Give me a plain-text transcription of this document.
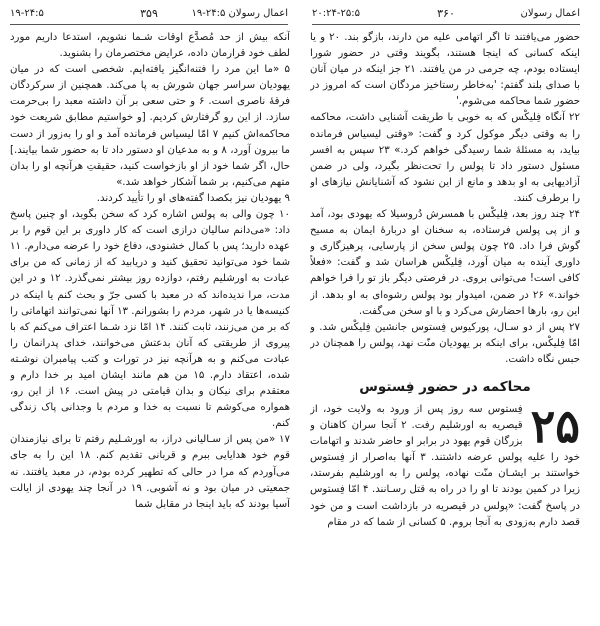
اعمال رسولان
۳۶۰
۲۰:۲۴-۲۵:۵
اعمال رسولان ۲۴:۵-۱۹
۳۵۹
۱۹-۲۴:۵

حضور می‌یافتند تا اگر اتهامی علیه من دارند، بازگو بند. ۲۰ و یا اینکه کسانی که اینجا هستند، بگویند وقتی در حضور شورا ایستاده بودم، چه جرمی در من یافتند. ۲۱ جز اینکه در میان آنان با صدای بلند گفتم: 'به‌خاطر رستاخیز مردگان است که امروز در حضور شما محاکمه می‌شوم.'

۲۲ آنگاه فِلیکْس که به خوبی با طریقت آشنایی داشت، محاکمه را به وقتی دیگر موکول کرد و گفت: «وقتی لیسیاس فرمانده بیاید، به مسئلهٔ شما رسیدگی خواهم کرد.» ۲۳ سپس به افسر مسئول دستور داد تا پولس را تحت‌نظر بگیرد، ولی در ضمن آزادیهایی به او بدهد و مانع از این نشود که آشنایانش نیازهای او را برطرف کنند.

۲۴ چند روز بعد، فِلیکْس با همسرش دُروسیلا که یهودی بود، آمد و از پی پولس فرستاده، به سخنان او دربارهٔ ایمان به مسیح گوش فرا داد. ۲۵ چون پولس سخن از پارسایی، پرهیزگاری و داوری آینده به میان آورد، فِلیکْس هراسان شد و گفت: «فعلاً کافی است! می‌توانی بروی. در فرصتی دیگر باز تو را فرا خواهم خواند.» ۲۶ در ضمن، امیدوار بود پولس رشوه‌ای به او بدهد. از این رو، بارها احضارش می‌کرد و با او سخن می‌گفت.

۲۷ پس از دو سـال، پورکیوس فِستوس جانشین فِلیکْس شد. و امّا فِلیکْس، برای اینکه بر یهودیان منّت نهد، پولس را همچنان در حبس نگاه داشت.

محاکمه در حضور فِستوس
۲۵

فِستوس سه روز پس از ورود به ولایت خود، از قیصریه به اورشلیم رفت. ۲ آنجا سران کاهنان و بزرگان قوم یهود در برابر او حاضر شدند و اتهامات خود را علیه پولس عرضه داشتند. ۳ آنها به‌اصرار از فِستوس خواستند بر ایشـان منّت نهاده، پولس را به اورشلیم بفرستد، زیرا در کمین بودند تا او را در راه به قتل رسـانند. ۴ امّا فِستوس در پاسخ گفت: «پولس در قیصریه در بازداشت است و من خود قصد دارم به‌زودی به آنجا بروم. ۵ کسانی از شما که در مقام

آنکه بیش از حد مُصدَّع اوقات شـما نشویم، استدعا داریم مورد لطف خود قرارمان داده، عرایض مختصرمان را بشنوید.

۵ «ما این مرد را فتنه‌انگیز یافته‌ایم. شخصی است که در میان یهودیان سراسر جهان شورش به پا می‌کند. همچنین از سرکردگان فرقهٔ ناصری است. ۶ و حتی سعی بر آن داشته معبد را بی‌حرمت سازد. از این رو گرفتارش کردیم. [و خواستیم مطابق شریعت خود محاکمه‌اش کنیم ۷ امّا لیسیاس فرمانده آمد و او را به‌زور از دست ما بیرون آورد، ۸ و به مدعیان او دستور داد تا به حضور شما بیایند.] حال، اگر شما خود از او بازخواست کنید، حقیقتِ هرآنچه او را بدان متهم می‌کنیم، بر شما آشکار خواهد شد.»

۹ یهودیان نیز بکصدا گفته‌های او را تأیید کردند.

۱۰ چون والی به پولس اشاره کرد که سخن بگوید، او چنین پاسخ داد: «می‌دانم سالیان درازی است که کار داوری بر این قوم را بر عهده دارید؛ پس با کمال خشنودی، دفاع خود را عرضه می‌دارم. ۱۱ شما خود می‌توانید تحقیق کنید و دریابید که از زمانی که من برای عبادت به اورشلیم رفتم، دوازده روز بیشتر نمی‌گذرد. ۱۲ و در این مدت، مرا ندیده‌اند که در معبد با کسی جرّ و بحث کنم یا اینکه در کنیسه‌ها یا در شهر، مردم را بشورانم. ۱۳ آنها نمی‌توانند اتهاماتی را که بر من می‌زنند، ثابت کنند. ۱۴ امّا نزد شـما اعتراف می‌کنم که با پیروی از طریقتی که آنان بدعتش می‌خوانند، خدای پدرانمان را عبادت می‌کنم و به هرآنچه نیز در تورات و کتب پیامبران نوشـته شده، اعتقاد دارم. ۱۵ من هم مانند ایشان امید بر خدا دارم و معتقدم برای نیکان و بدان قیامتی در پیش است. ۱۶ از این رو، همواره می‌کوشم تا نسبت به خدا و مردم با وجدانی پاک زندگی کنم.

۱۷ «من پس از سـالیانی دراز، به اورشـلیم رفتم تا برای نیازمندان قوم خود هدایایی ببرم و قربانی تقدیم کنم. ۱۸ این را به جای می‌آوردم که مرا در حالی که تطهیر کرده بودم، در معبد یافتند. نه جمعیتی در میان بود و نه آشوبی. ۱۹ در آنجا چند یهودی از ایالت آسیا بودند که باید اینجا در مقابل شما
